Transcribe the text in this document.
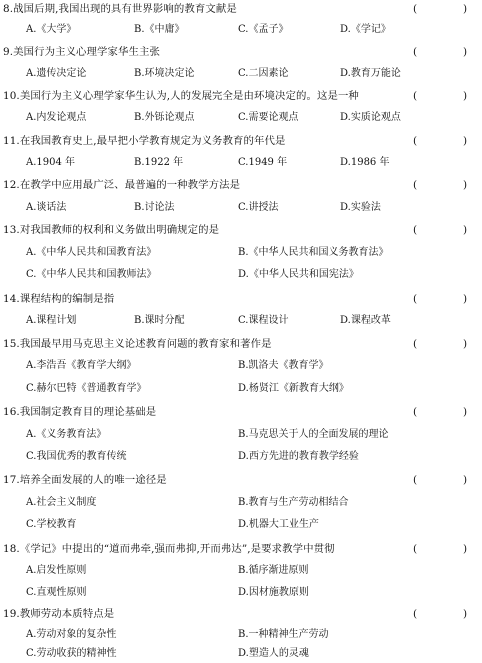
8.战国后期,我国出现的具有世界影响的教育文献是	(	)
A.《大学》	B.《中庸》	C.《孟子》	D.《学记》
9.美国行为主义心理学家华生主张	(	)
A.遗传决定论	B.环境决定论	C.二因素论	D.教育万能论
10.美国行为主义心理学家华生认为,人的发展完全是由环境决定的。这是一种	(	)
A.内发论观点	B.外铄论观点	C.需要论观点	D.实质论观点
11.在我国教育史上,最早把小学教育规定为义务教育的年代是	(	)
A.1904 年	B.1922 年	C.1949 年	D.1986 年
12.在教学中应用最广泛、最普遍的一种教学方法是	(	)
A.谈话法	B.讨论法	C.讲授法	D.实验法
13.对我国教师的权利和义务做出明确规定的是	(	)
A.《中华人民共和国教育法》	B.《中华人民共和国义务教育法》
C.《中华人民共和国教师法》	D.《中华人民共和国宪法》
14.课程结构的编制是指	(	)
A.课程计划	B.课时分配	C.课程设计	D.课程改革
15.我国最早用马克思主义论述教育问题的教育家和著作是	(	)
A.李浩吾《教育学大纲》	B.凯洛夫《教育学》
C.赫尔巴特《普通教育学》	D.杨贤江《新教育大纲》
16.我国制定教育目的理论基础是	(	)
A.《义务教育法》	B.马克思关于人的全面发展的理论
C.我国优秀的教育传统	D.西方先进的教育教学经验
17.培养全面发展的人的唯一途径是	(	)
A.社会主义制度	B.教育与生产劳动相结合
C.学校教育	D.机器大工业生产
18.《学记》中提出的“道而弗牵,强而弗抑,开而弗达”,是要求教学中贯彻	(	)
A.启发性原则	B.循序渐进原则
C.直观性原则	D.因材施教原则
19.教师劳动本质特点是	(	)
A.劳动对象的复杂性	B.一种精神生产劳动
C.劳动收获的精神性	D.塑造人的灵魂
